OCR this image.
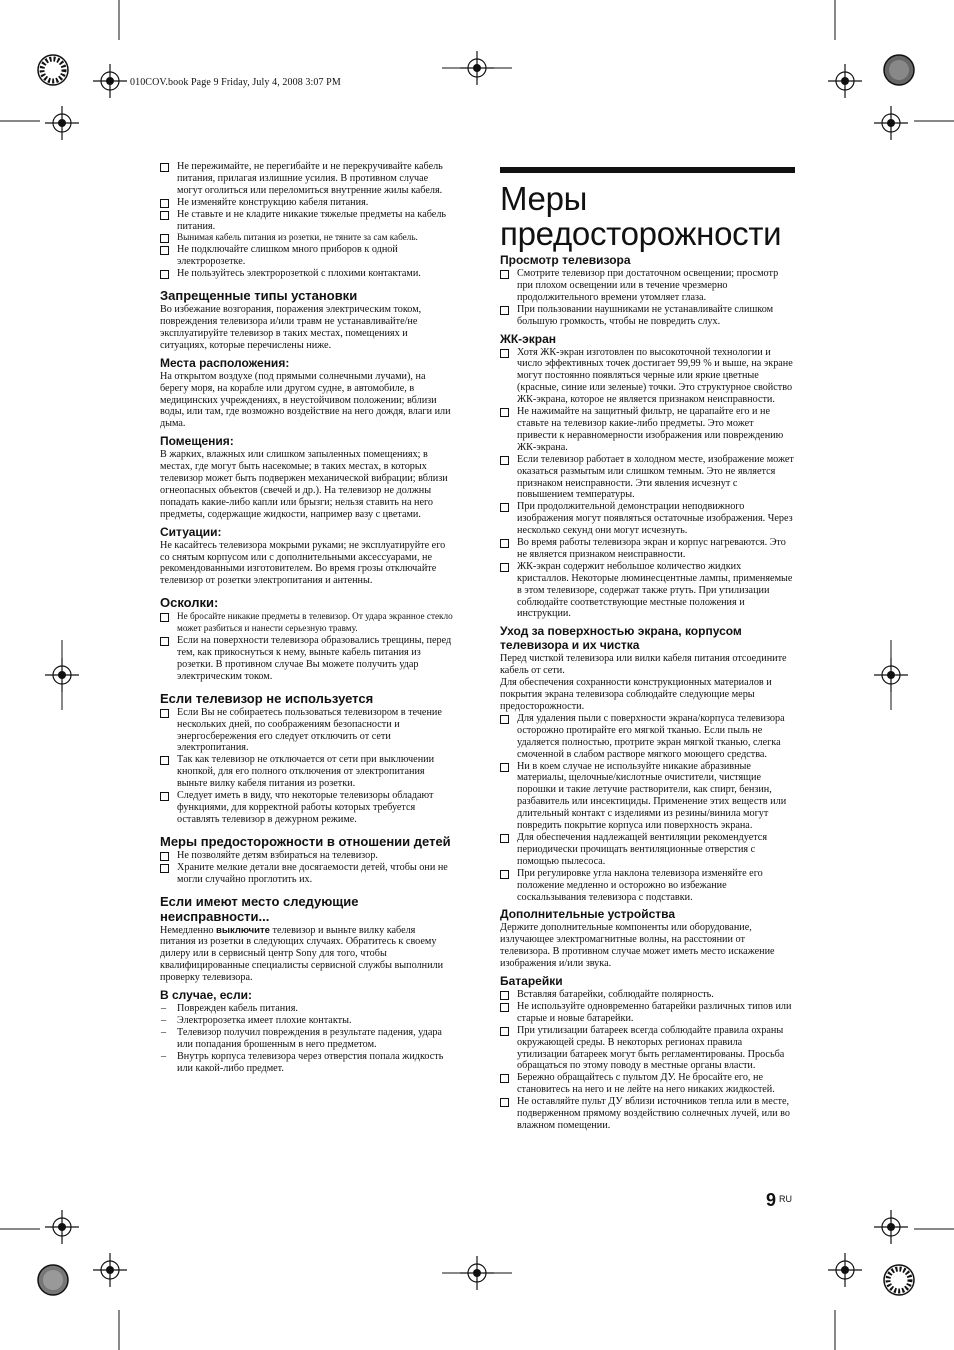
010COV.book Page 9 Friday, July 4, 2008 3:07 PM
Не пережимайте, не перегибайте и не перекручивайте кабель питания, прилагая излишние усилия. В противном случае могут оголиться или переломиться внутренние жилы кабеля.
Не изменяйте конструкцию кабеля питания.
Не ставьте и не кладите никакие тяжелые предметы на кабель питания.
Вынимая кабель питания из розетки, не тяните за сам кабель.
Не подключайте слишком много приборов к одной электророзетке.
Не пользуйтесь электророзеткой с плохими контактами.
Запрещенные типы установки
Во избежание возгорания, поражения электрическим током, повреждения телевизора и/или травм не устанавливайте/не эксплуатируйте телевизор в таких местах, помещениях и ситуациях, которые перечислены ниже.
Места расположения:
На открытом воздухе (под прямыми солнечными лучами), на берегу моря, на корабле или другом судне, в автомобиле, в медицинских учреждениях, в неустойчивом положении; вблизи воды, или там, где возможно воздействие на него дождя, влаги или дыма.
Помещения:
В жарких, влажных или слишком запыленных помещениях; в местах, где могут быть насекомые; в таких местах, в которых телевизор может быть подвержен механической вибрации; вблизи огнеопасных объектов (свечей и др.). На телевизор не должны попадать какие-либо капли или брызги; нельзя ставить на него предметы, содержащие жидкости, например вазу с цветами.
Ситуации:
Не касайтесь телевизора мокрыми руками; не эксплуатируйте его со снятым корпусом или с дополнительными аксессуарами, не рекомендованными изготовителем. Во время грозы отключайте телевизор от розетки электропитания и антенны.
Осколки:
Не бросайте никакие предметы в телевизор. От удара экранное стекло может разбиться и нанести серьезную травму.
Если на поверхности телевизора образовались трещины, перед тем, как прикоснуться к нему, выньте кабель питания из розетки. В противном случае Вы можете получить удар электрическим током.
Если телевизор не используется
Если Вы не собираетесь пользоваться телевизором в течение нескольких дней, по соображениям безопасности и энергосбережения его следует отключить от сети электропитания.
Так как телевизор не отключается от сети при выключении кнопкой, для его полного отключения от электропитания выньте вилку кабеля питания из розетки.
Следует иметь в виду, что некоторые телевизоры обладают функциями, для корректной работы которых требуется оставлять телевизор в дежурном режиме.
Меры предосторожности в отношении детей
Не позволяйте детям взбираться на телевизор.
Храните мелкие детали вне досягаемости детей, чтобы они не могли случайно проглотить их.
Если имеют место следующие неисправности...
Немедленно выключите телевизор и выньте вилку кабеля питания из розетки в следующих случаях. Обратитесь к своему дилеру или в сервисный центр Sony для того, чтобы квалифицированные специалисты сервисной службы выполнили проверку телевизора.
В случае, если:
– Поврежден кабель питания.
– Электророзетка имеет плохие контакты.
– Телевизор получил повреждения в результате падения, удара или попадания брошенным в него предметом.
– Внутрь корпуса телевизора через отверстия попала жидкость или какой-либо предмет.
Меры
предосторожности
Просмотр телевизора
Смотрите телевизор при достаточном освещении; просмотр при плохом освещении или в течение чрезмерно продолжительного времени утомляет глаза.
При пользовании наушниками не устанавливайте слишком большую громкость, чтобы не повредить слух.
ЖК-экран
Хотя ЖК-экран изготовлен по высокоточной технологии и число эффективных точек достигает 99,99 % и выше, на экране могут постоянно появляться черные или яркие цветные (красные, синие или зеленые) точки. Это структурное свойство ЖК-экрана, которое не является признаком неисправности.
Не нажимайте на защитный фильтр, не царапайте его и не ставьте на телевизор какие-либо предметы. Это может привести к неравномерности изображения или повреждению ЖК-экрана.
Если телевизор работает в холодном месте, изображение может оказаться размытым или слишком темным. Это не является признаком неисправности. Эти явления исчезнут с повышением температуры.
При продолжительной демонстрации неподвижного изображения могут появляться остаточные изображения. Через несколько секунд они могут исчезнуть.
Во время работы телевизора экран и корпус нагреваются. Это не является признаком неисправности.
ЖК-экран содержит небольшое количество жидких кристаллов. Некоторые люминесцентные лампы, применяемые в этом телевизоре, содержат также ртуть. При утилизации соблюдайте соответствующие местные положения и инструкции.
Уход за поверхностью экрана, корпусом телевизора и их чистка
Перед чисткой телевизора или вилки кабеля питания отсоедините кабель от сети.
Для обеспечения сохранности конструкционных материалов и покрытия экрана телевизора соблюдайте следующие меры предосторожности.
Для удаления пыли с поверхности экрана/корпуса телевизора осторожно протирайте его мягкой тканью. Если пыль не удаляется полностью, протрите экран мягкой тканью, слегка смоченной в слабом растворе мягкого моющего средства.
Ни в коем случае не используйте никакие абразивные материалы, щелочные/кислотные очистители, чистящие порошки и такие летучие растворители, как спирт, бензин, разбавитель или инсектициды. Применение этих веществ или длительный контакт с изделиями из резины/винила могут повредить покрытие корпуса или поверхность экрана.
Для обеспечения надлежащей вентиляции рекомендуется периодически прочищать вентиляционные отверстия с помощью пылесоса.
При регулировке угла наклона телевизора изменяйте его положение медленно и осторожно во избежание соскальзывания телевизора с подставки.
Дополнительные устройства
Держите дополнительные компоненты или оборудование, излучающее электромагнитные волны, на расстоянии от телевизора. В противном случае может иметь место искажение изображения и/или звука.
Батарейки
Вставляя батарейки, соблюдайте полярность.
Не используйте одновременно батарейки различных типов или старые и новые батарейки.
При утилизации батареек всегда соблюдайте правила охраны окружающей среды. В некоторых регионах правила утилизации батареек могут быть регламентированы. Просьба обращаться по этому поводу в местные органы власти.
Бережно обращайтесь с пультом ДУ. Не бросайте его, не становитесь на него и не лейте на него никаких жидкостей.
Не оставляйте пульт ДУ вблизи источников тепла или в месте, подверженном прямому воздействию солнечных лучей, или во влажном помещении.
9 $^{RU}$
